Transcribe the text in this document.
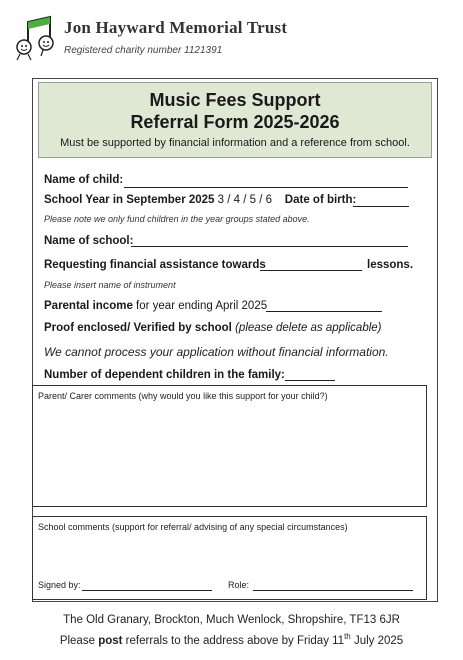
Jon Hayward Memorial Trust
Registered charity number 1121391
Music Fees Support
Referral Form 2025-2026
Must be supported by financial information and a reference from school.
Name of child:
School Year in September 2025 3 / 4 / 5 / 6 Date of birth:
Please note we only fund children in the year groups stated above.
Name of school:
Requesting financial assistance towards	lessons.
Please insert name of instrument
Parental income for year ending April 2025
Proof enclosed/ Verified by school (please delete as applicable)
We cannot process your application without financial information.
Number of dependent children in the family:
Parent/ Carer comments (why would you like this support for your child?)
School comments (support for referral/ advising of any special circumstances)
Signed by:	Role:
The Old Granary, Brockton, Much Wenlock, Shropshire, TF13 6JR
Please post referrals to the address above by Friday 11th July 2025
